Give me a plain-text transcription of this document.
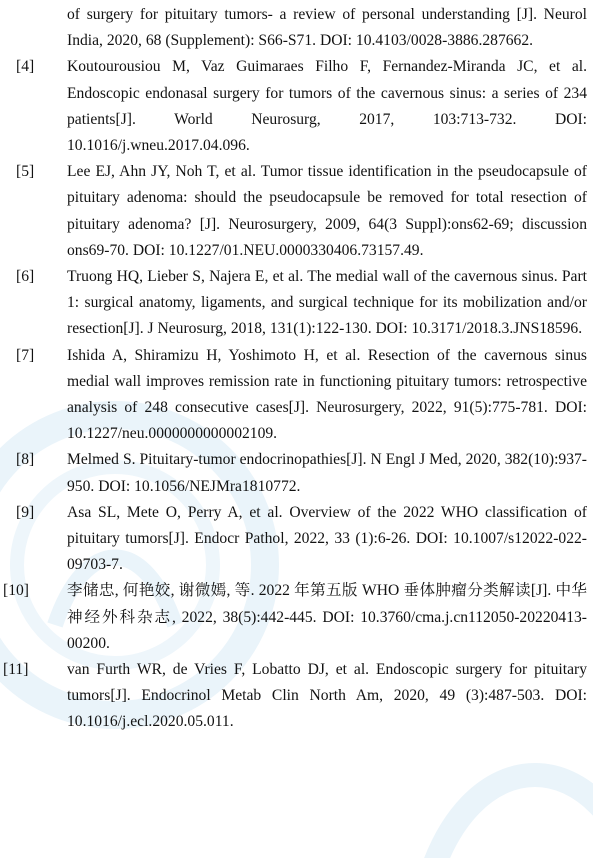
of surgery for pituitary tumors- a review of personal understanding [J]. Neurol India, 2020, 68 (Supplement): S66-S71. DOI: 10.4103/0028-3886.287662.
[4] Koutourousiou M, Vaz Guimaraes Filho F, Fernandez-Miranda JC, et al. Endoscopic endonasal surgery for tumors of the cavernous sinus: a series of 234 patients[J]. World Neurosurg, 2017, 103:713-732. DOI: 10.1016/j.wneu.2017.04.096.
[5] Lee EJ, Ahn JY, Noh T, et al. Tumor tissue identification in the pseudocapsule of pituitary adenoma: should the pseudocapsule be removed for total resection of pituitary adenoma? [J]. Neurosurgery, 2009, 64(3 Suppl):ons62-69; discussion ons69-70. DOI: 10.1227/01.NEU.0000330406.73157.49.
[6] Truong HQ, Lieber S, Najera E, et al. The medial wall of the cavernous sinus. Part 1: surgical anatomy, ligaments, and surgical technique for its mobilization and/or resection[J]. J Neurosurg, 2018, 131(1):122-130. DOI: 10.3171/2018.3.JNS18596.
[7] Ishida A, Shiramizu H, Yoshimoto H, et al. Resection of the cavernous sinus medial wall improves remission rate in functioning pituitary tumors: retrospective analysis of 248 consecutive cases[J]. Neurosurgery, 2022, 91(5):775-781. DOI: 10.1227/neu.0000000000002109.
[8] Melmed S. Pituitary-tumor endocrinopathies[J]. N Engl J Med, 2020, 382(10):937-950. DOI: 10.1056/NEJMra1810772.
[9] Asa SL, Mete O, Perry A, et al. Overview of the 2022 WHO classification of pituitary tumors[J]. Endocr Pathol, 2022, 33 (1):6-26. DOI: 10.1007/s12022-022-09703-7.
[10] 李储忠, 何艳姣, 谢微嫣, 等. 2022 年第五版 WHO 垂体肿瘤分类解读[J]. 中华神经外科杂志, 2022, 38(5):442-445. DOI: 10.3760/cma.j.cn112050-20220413-00200.
[11] van Furth WR, de Vries F, Lobatto DJ, et al. Endoscopic surgery for pituitary tumors[J]. Endocrinol Metab Clin North Am, 2020, 49 (3):487-503. DOI: 10.1016/j.ecl.2020.05.011.
